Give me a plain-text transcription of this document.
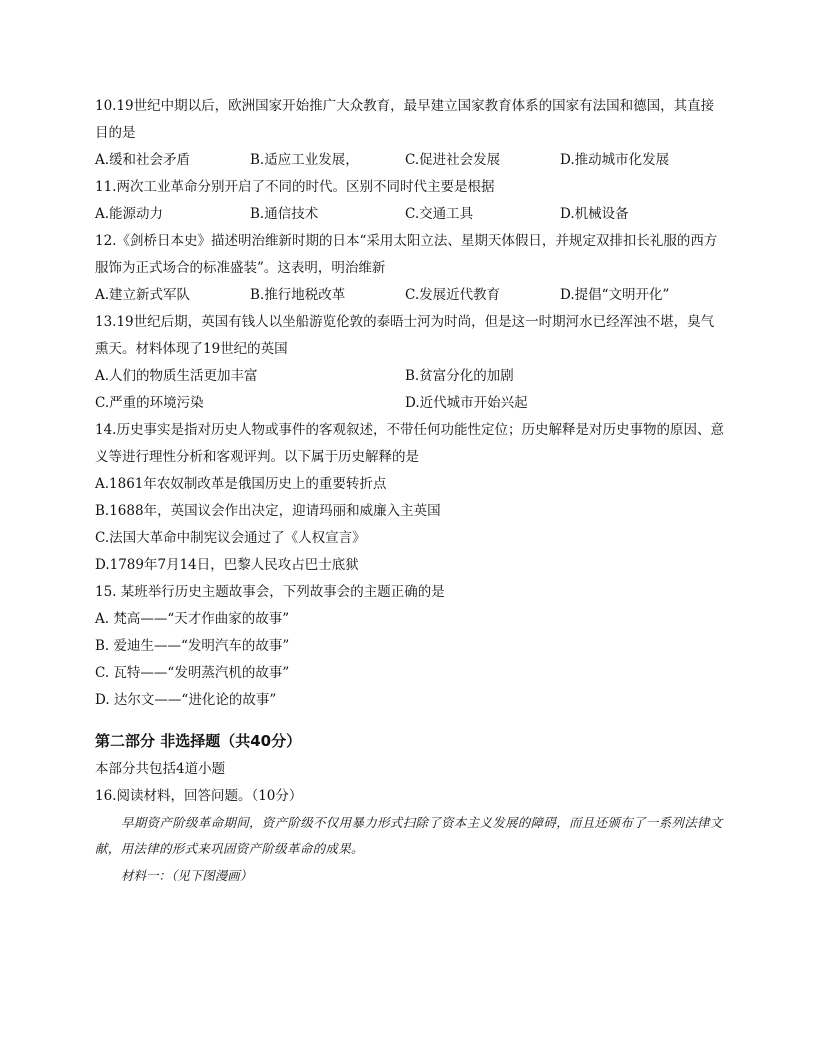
10.19世纪中期以后，欧洲国家开始推广大众教育，最早建立国家教育体系的国家有法国和德国，其直接目的是
A.缓和社会矛盾	B.适应工业发展，	C.促进社会发展	D.推动城市化发展
11.两次工业革命分别开启了不同的时代。区别不同时代主要是根据
A.能源动力	B.通信技术	C.交通工具	D.机械设备
12.《剑桥日本史》描述明治维新时期的日本“采用太阳立法、星期天体假日，并规定双排扣长礼服的西方服饰为正式场合的标准盛装”。这表明，明治维新
A.建立新式军队	B.推行地税改革	C.发展近代教育	D.提倡“文明开化”
13.19世纪后期，英国有钱人以坐船游览伦敦的泰晤士河为时尚，但是这一时期河水已经浑浊不堪，臭气熏天。材料体现了19世纪的英国
A.人们的物质生活更加丰富	B.贫富分化的加剧
C.严重的环境污染	D.近代城市开始兴起
14.历史事实是指对历史人物或事件的客观叙述，不带任何功能性定位；历史解释是对历史事物的原因、意义等进行理性分析和客观评判。以下属于历史解释的是
A.1861年农奴制改革是俄国历史上的重要转折点
B.1688年，英国议会作出决定，迎请玛丽和威廉入主英国
C.法国大革命中制宪议会通过了《人权宣言》
D.1789年7月14日，巴黎人民攻占巴士底狱
15. 某班举行历史主题故事会，下列故事会的主题正确的是
A. 梵高——“天才作曲家的故事”
B. 爱迪生——“发明汽车的故事”
C. 瓦特——“发明蒸汽机的故事”
D. 达尔文——“进化论的故事”
第二部分 非选择题（共40分）
本部分共包括4道小题
16.阅读材料，回答问题。（10分）
早期资产阶级革命期间，资产阶级不仅用暴力形式扫除了资本主义发展的障碍，而且还颁布了一系列法律文献，用法律的形式来巩固资产阶级革命的成果。
材料一：（见下图漫画）
